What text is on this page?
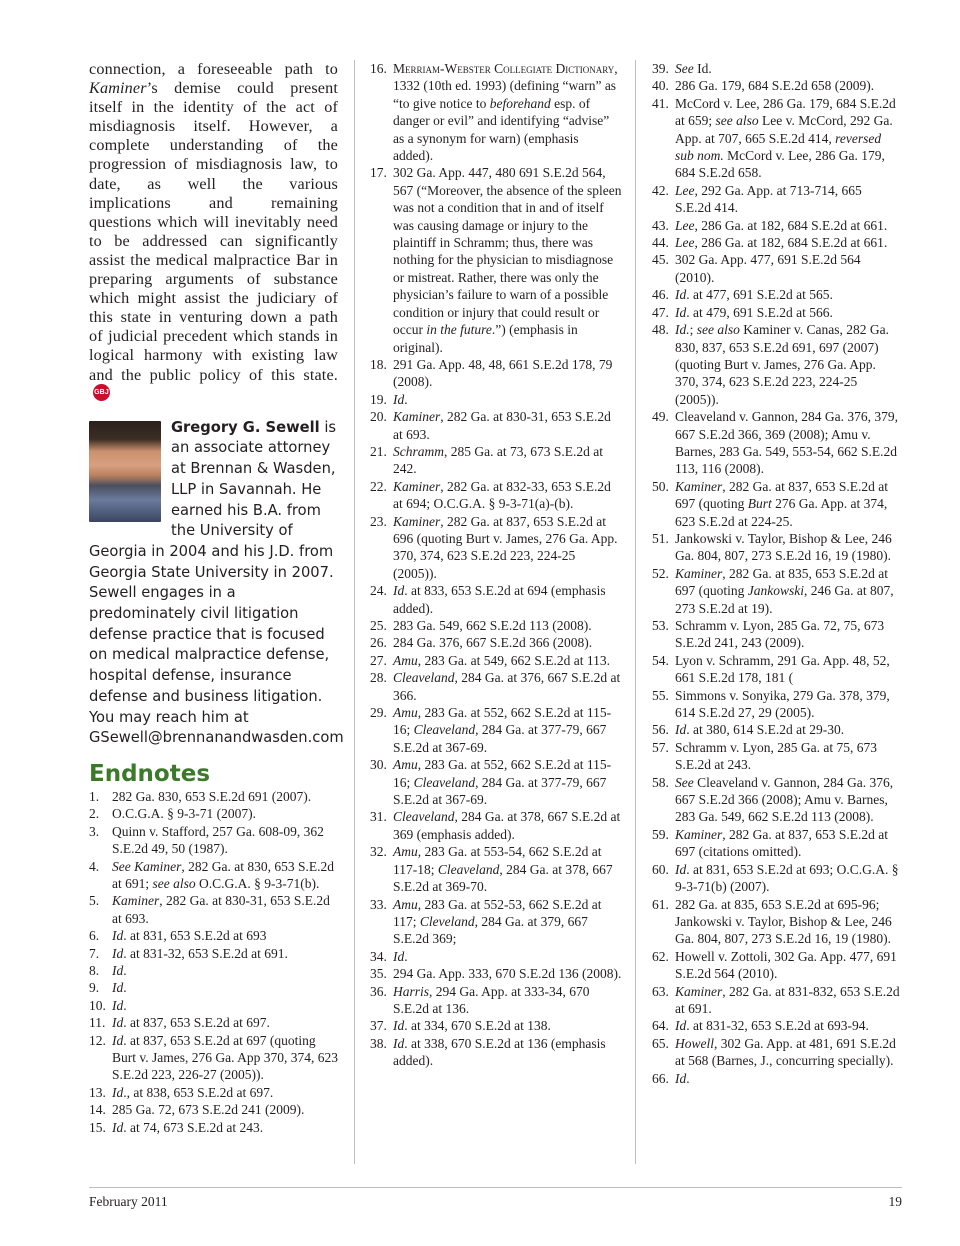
connection, a foreseeable path to Kaminer’s demise could present itself in the identity of the act of misdiagnosis itself. However, a complete understanding of the progression of misdiagnosis law, to date, as well the various implications and remaining questions which will inevitably need to be addressed can significantly assist the medical malpractice Bar in preparing arguments of substance which might assist the judiciary of this state in venturing down a path of judicial precedent which stands in logical harmony with existing law and the public policy of this state.GBJ

Gregory G. Sewell is an associate attorney at Brennan & Wasden, LLP in Savannah. He earned his B.A. from the University of Georgia in 2004 and his J.D. from Georgia State University in 2007. Sewell engages in a predominately civil litigation defense practice that is focused on medical malpractice defense, hospital defense, insurance defense and business litigation. You may reach him at GSewell@brennanandwasden.com
Endnotes
1. 282 Ga. 830, 653 S.E.2d 691 (2007).
2. O.C.G.A. § 9-3-71 (2007).
3. Quinn v. Stafford, 257 Ga. 608-09, 362 S.E.2d 49, 50 (1987).
4. See Kaminer, 282 Ga. at 830, 653 S.E.2d at 691; see also O.C.G.A. § 9-3-71(b).
5. Kaminer, 282 Ga. at 830-31, 653 S.E.2d at 693.
6. Id. at 831, 653 S.E.2d at 693
7. Id. at 831-32, 653 S.E.2d at 691.
8. Id.
9. Id.
10. Id.
11. Id. at 837, 653 S.E.2d at 697.
12. Id. at 837, 653 S.E.2d at 697 (quoting Burt v. James, 276 Ga. App 370, 374, 623 S.E.2d 223, 226-27 (2005)).
13. Id., at 838, 653 S.E.2d at 697.
14. 285 Ga. 72, 673 S.E.2d 241 (2009).
15. Id. at 74, 673 S.E.2d at 243.
16. Merriam-Webster Collegiate Dictionary, 1332 (10th ed. 1993) (defining “warn” as “to give notice to beforehand esp. of danger or evil” and identifying “advise” as a synonym for warn) (emphasis added).
17. 302 Ga. App. 447, 480 691 S.E.2d 564, 567 (“Moreover, the absence of the spleen was not a condition that in and of itself was causing damage or injury to the plaintiff in Schramm; thus, there was nothing for the physician to misdiagnose or mistreat. Rather, there was only the physician’s failure to warn of a possible condition or injury that could result or occur in the future.”) (emphasis in original).
18. 291 Ga. App. 48, 48, 661 S.E.2d 178, 79 (2008).
19. Id.
20. Kaminer, 282 Ga. at 830-31, 653 S.E.2d at 693.
21. Schramm, 285 Ga. at 73, 673 S.E.2d at 242.
22. Kaminer, 282 Ga. at 832-33, 653 S.E.2d at 694; O.C.G.A. § 9-3-71(a)-(b).
23. Kaminer, 282 Ga. at 837, 653 S.E.2d at 696 (quoting Burt v. James, 276 Ga. App. 370, 374, 623 S.E.2d 223, 224-25 (2005)).
24. Id. at 833, 653 S.E.2d at 694 (emphasis added).
25. 283 Ga. 549, 662 S.E.2d 113 (2008).
26. 284 Ga. 376, 667 S.E.2d 366 (2008).
27. Amu, 283 Ga. at 549, 662 S.E.2d at 113.
28. Cleaveland, 284 Ga. at 376, 667 S.E.2d at 366.
29. Amu, 283 Ga. at 552, 662 S.E.2d at 115-16; Cleaveland, 284 Ga. at 377-79, 667 S.E.2d at 367-69.
30. Amu, 283 Ga. at 552, 662 S.E.2d at 115-16; Cleaveland, 284 Ga. at 377-79, 667 S.E.2d at 367-69.
31. Cleaveland, 284 Ga. at 378, 667 S.E.2d at 369 (emphasis added).
32. Amu, 283 Ga. at 553-54, 662 S.E.2d at 117-18; Cleaveland, 284 Ga. at 378, 667 S.E.2d at 369-70.
33. Amu, 283 Ga. at 552-53, 662 S.E.2d at 117; Cleveland, 284 Ga. at 379, 667 S.E.2d 369;
34. Id.
35. 294 Ga. App. 333, 670 S.E.2d 136 (2008).
36. Harris, 294 Ga. App. at 333-34, 670 S.E.2d at 136.
37. Id. at 334, 670 S.E.2d at 138.
38. Id. at 338, 670 S.E.2d at 136 (emphasis added).
39. See Id.
40. 286 Ga. 179, 684 S.E.2d 658 (2009).
41. McCord v. Lee, 286 Ga. 179, 684 S.E.2d at 659; see also Lee v. McCord, 292 Ga. App. at 707, 665 S.E.2d 414, reversed sub nom. McCord v. Lee, 286 Ga. 179, 684 S.E.2d 658.
42. Lee, 292 Ga. App. at 713-714, 665 S.E.2d 414.
43. Lee, 286 Ga. at 182, 684 S.E.2d at 661.
44. Lee, 286 Ga. at 182, 684 S.E.2d at 661.
45. 302 Ga. App. 477, 691 S.E.2d 564 (2010).
46. Id. at 477, 691 S.E.2d at 565.
47. Id. at 479, 691 S.E.2d at 566.
48. Id.; see also Kaminer v. Canas, 282 Ga. 830, 837, 653 S.E.2d 691, 697 (2007) (quoting Burt v. James, 276 Ga. App. 370, 374, 623 S.E.2d 223, 224-25 (2005)).
49. Cleaveland v. Gannon, 284 Ga. 376, 379, 667 S.E.2d 366, 369 (2008); Amu v. Barnes, 283 Ga. 549, 553-54, 662 S.E.2d 113, 116 (2008).
50. Kaminer, 282 Ga. at 837, 653 S.E.2d at 697 (quoting Burt 276 Ga. App. at 374, 623 S.E.2d at 224-25.
51. Jankowski v. Taylor, Bishop & Lee, 246 Ga. 804, 807, 273 S.E.2d 16, 19 (1980).
52. Kaminer, 282 Ga. at 835, 653 S.E.2d at 697 (quoting Jankowski, 246 Ga. at 807, 273 S.E.2d at 19).
53. Schramm v. Lyon, 285 Ga. 72, 75, 673 S.E.2d 241, 243 (2009).
54. Lyon v. Schramm, 291 Ga. App. 48, 52, 661 S.E.2d 178, 181 (
55. Simmons v. Sonyika, 279 Ga. 378, 379, 614 S.E.2d 27, 29 (2005).
56. Id. at 380, 614 S.E.2d at 29-30.
57. Schramm v. Lyon, 285 Ga. at 75, 673 S.E.2d at 243.
58. See Cleaveland v. Gannon, 284 Ga. 376, 667 S.E.2d 366 (2008); Amu v. Barnes, 283 Ga. 549, 662 S.E.2d 113 (2008).
59. Kaminer, 282 Ga. at 837, 653 S.E.2d at 697 (citations omitted).
60. Id. at 831, 653 S.E.2d at 693; O.C.G.A. § 9-3-71(b) (2007).
61. 282 Ga. at 835, 653 S.E.2d at 695-96; Jankowski v. Taylor, Bishop & Lee, 246 Ga. 804, 807, 273 S.E.2d 16, 19 (1980).
62. Howell v. Zottoli, 302 Ga. App. 477, 691 S.E.2d 564 (2010).
63. Kaminer, 282 Ga. at 831-832, 653 S.E.2d at 691.
64. Id. at 831-32, 653 S.E.2d at 693-94.
65. Howell, 302 Ga. App. at 481, 691 S.E.2d at 568 (Barnes, J., concurring specially).
66. Id.
February 2011	19
